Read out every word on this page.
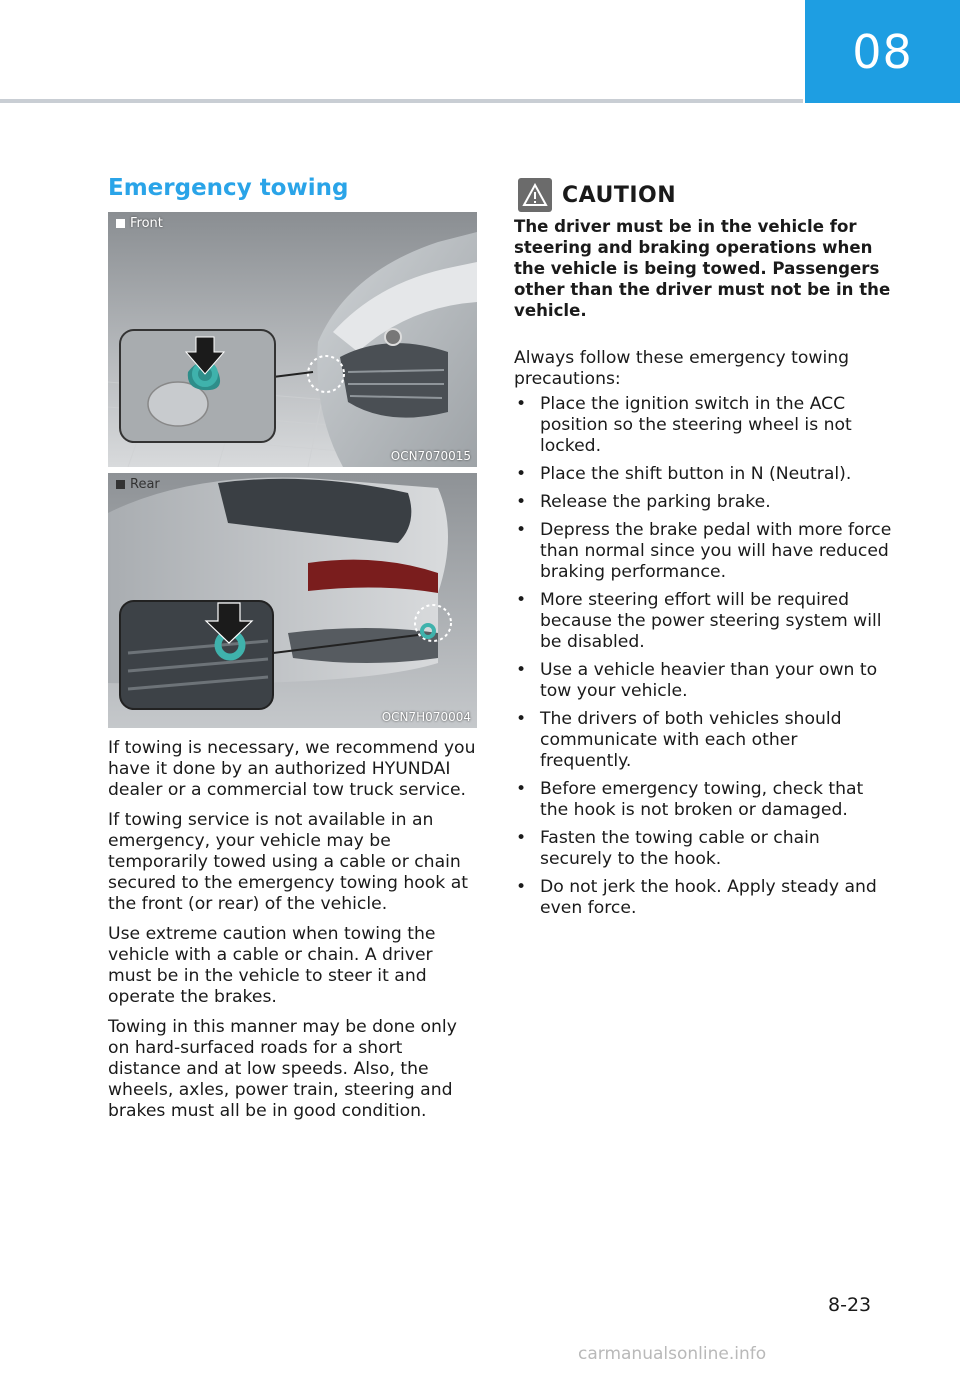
08
Emergency towing
Front
OCN7070015
Rear
OCN7H070004

If towing is necessary, we recommend you have it done by an authorized HYUNDAI dealer or a commercial tow truck service.

If towing service is not available in an emergency, your vehicle may be temporarily towed using a cable or chain secured to the emergency towing hook at the front (or rear) of the vehicle.

Use extreme caution when towing the vehicle with a cable or chain. A driver must be in the vehicle to steer it and operate the brakes.

Towing in this manner may be done only on hard-surfaced roads for a short distance and at low speeds. Also, the wheels, axles, power train, steering and brakes must all be in good condition.

CAUTION

The driver must be in the vehicle for steering and braking operations when the vehicle is being towed. Passengers other than the driver must not be in the vehicle.

Always follow these emergency towing precautions:

• Place the ignition switch in the ACC position so the steering wheel is not locked.
• Place the shift button in N (Neutral).
• Release the parking brake.
• Depress the brake pedal with more force than normal since you will have reduced braking performance.
• More steering effort will be required because the power steering system will be disabled.
• Use a vehicle heavier than your own to tow your vehicle.
• The drivers of both vehicles should communicate with each other frequently.
• Before emergency towing, check that the hook is not broken or damaged.
• Fasten the towing cable or chain securely to the hook.
• Do not jerk the hook. Apply steady and even force.
8-23
carmanualsonline.info
